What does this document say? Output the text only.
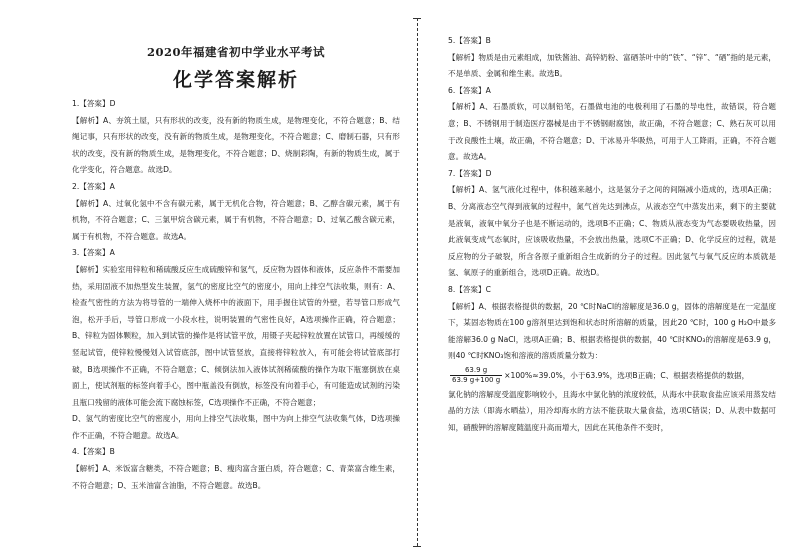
2020年福建省初中学业水平考试
化学答案解析

1.【答案】D

【解析】A、夯筑土屋，只有形状的改变，没有新的物质生成，是物理变化，不符合题意；B、结绳记事，只有形状的改变，没有新的物质生成，是物理变化，不符合题意；C、磨制石器，只有形状的改变，没有新的物质生成，是物理变化，不符合题意；D、烧制彩陶，有新的物质生成，属于化学变化，符合题意。故选D。

2.【答案】A

【解析】A、过氧化氢中不含有碳元素，属于无机化合物，符合题意；B、乙醇含碳元素，属于有机物，不符合题意；C、三氯甲烷含碳元素，属于有机物，不符合题意；D、过氧乙酸含碳元素，属于有机物，不符合题意。故选A。

3.【答案】A

【解析】实验室用锌粒和稀硫酸反应生成硫酸锌和氢气，反应物为固体和液体，反应条件不需要加热，采用固液不加热型发生装置，氢气的密度比空气的密度小，用向上排空气法收集，则有：A、检查气密性的方法为将导管的一端伸入烧杯中的液面下，用手握住试管的外壁，若导管口形成气泡，松开手后，导管口形成一小段水柱，说明装置的气密性良好，A选项操作正确，符合题意；B、锌粒为固体颗粒，加入到试管的操作是将试管平放，用镊子夹起锌粒放置在试管口，再缓缓的竖起试管，使锌粒慢慢划入试管底部，图中试管竖放，直接将锌粒放入，有可能会将试管底部打破，B选项操作不正确，不符合题意；C、倾倒法加入液体试剂稀硫酸的操作为取下瓶塞倒放在桌面上，使试剂瓶的标签向着手心，图中瓶盖没有倒放，标签没有向着手心，有可能造成试剂的污染且瓶口残留的液体可能会流下腐蚀标签，C选项操作不正确，不符合题意；

D、氢气的密度比空气的密度小，用向上排空气法收集，图中为向上排空气法收集气体，D选项操作不正确，不符合题意。故选A。

4.【答案】B

【解析】A、米饭富含糖类，不符合题意；B、瘦肉富含蛋白质，符合题意；C、青菜富含维生素，不符合题意；D、玉米油富含油脂，不符合题意。故选B。

5.【答案】B

【解析】物质是由元素组成，加铁酱油、高锌奶粉、富硒茶叶中的“铁”、“锌”、“硒”指的是元素，不是单质、金属和维生素。故选B。

6.【答案】A

【解析】A、石墨质软，可以制铅笔，石墨做电池的电极利用了石墨的导电性，故错误，符合题意；B、不锈钢用于制造医疗器械是由于不锈钢耐腐蚀，故正确，不符合题意；C、熟石灰可以用于改良酸性土壤，故正确，不符合题意；D、干冰易升华吸热，可用于人工降雨，正确，不符合题意。故选A。

7.【答案】D

【解析】A、氢气液化过程中，体积越来越小，这是氢分子之间的间隔减小造成的，选项A正确；B、分离液态空气得到液氧的过程中，氮气首先达到沸点，从液态空气中蒸发出来，剩下的主要就是液氧，液氧中氧分子也是不断运动的，选项B不正确；C、物质从液态变为气态要吸收热量，因此液氧变成气态氧时，应该吸收热量，不会放出热量，选项C不正确；D、化学反应的过程，就是反应物的分子破裂，所含各原子重新组合生成新的分子的过程。因此氢气与氧气反应的本质就是氢、氧原子的重新组合，选项D正确。故选D。

8.【答案】C

【解析】A、根据表格提供的数据，20 ℃时NaCl的溶解度是36.0 g，固体的溶解度是在一定温度下，某固态物质在100 g溶剂里达到饱和状态时所溶解的质量，因此20 ℃时，100 g H₂O中最多能溶解36.0 g NaCl，选项A正确；B、根据表格提供的数据，40 ℃时KNO₃的溶解度是63.9 g，则40 ℃时KNO₃饱和溶液的溶质质量分数为：

$\frac{63.9 g}{63.9 g+100 g} \times 100\%\approx 39.0\%$，小于63.9%，选项B正确；C、根据表格提供的数据，

氯化钠的溶解度受温度影响较小，且海水中氯化钠的浓度较低，从海水中获取食盐应该采用蒸发结晶的方法（即海水晒盐），用冷却海水的方法不能获取大量食盐，选项C错误；D、从表中数据可知，硝酸钾的溶解度随温度升高而增大，因此在其他条件不变时，
